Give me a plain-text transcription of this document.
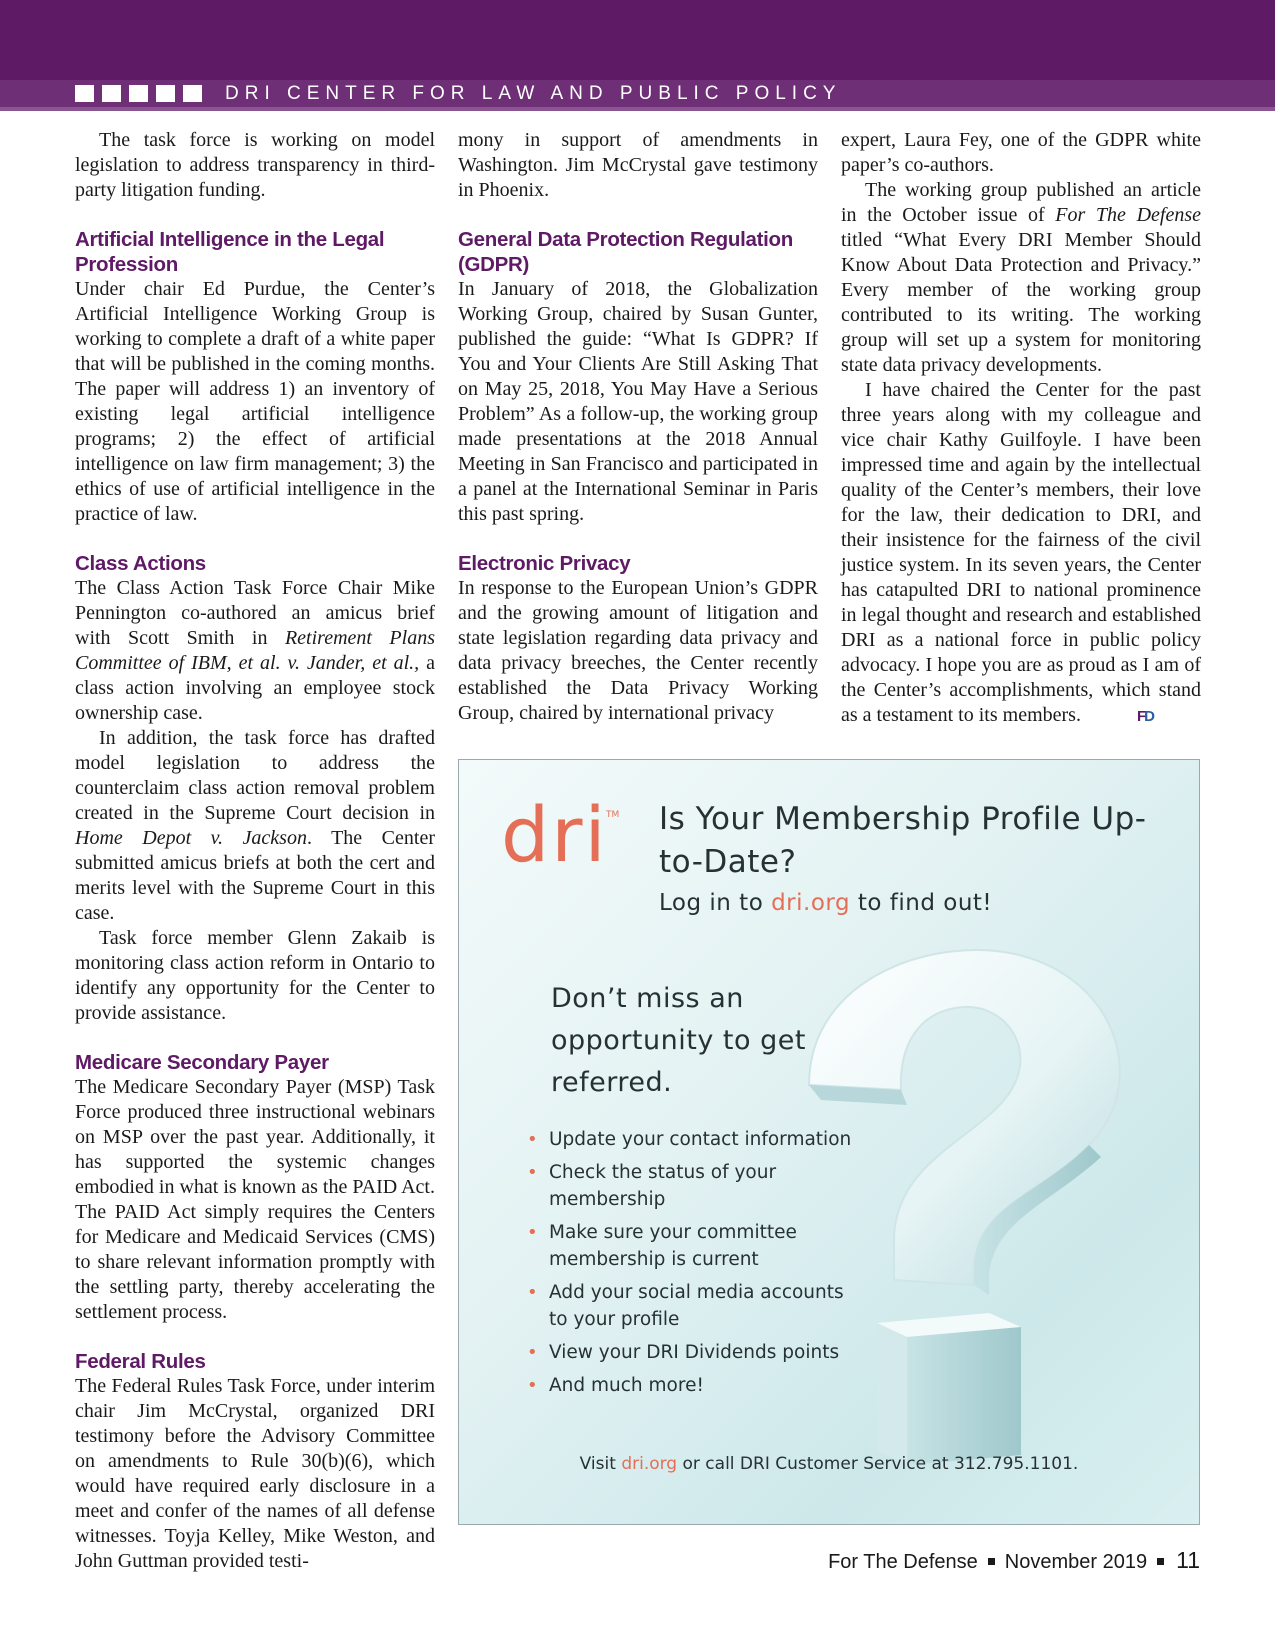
DRI CENTER FOR LAW AND PUBLIC POLICY

The task force is working on model legislation to address transparency in third-party litigation funding.

Artificial Intelligence in the Legal Profession

Under chair Ed Purdue, the Center’s Artificial Intelligence Working Group is working to complete a draft of a white paper that will be published in the coming months. The paper will address 1) an inventory of existing legal artificial intelligence programs; 2) the effect of artificial intelligence on law firm management; 3) the ethics of use of artificial intelligence in the practice of law.

Class Actions

The Class Action Task Force Chair Mike Pennington co-authored an amicus brief with Scott Smith in Retirement Plans Committee of IBM, et al. v. Jander, et al., a class action involving an employee stock ownership case.

In addition, the task force has drafted model legislation to address the counterclaim class action removal problem created in the Supreme Court decision in Home Depot v. Jackson. The Center submitted amicus briefs at both the cert and merits level with the Supreme Court in this case.

Task force member Glenn Zakaib is monitoring class action reform in Ontario to identify any opportunity for the Center to provide assistance.

Medicare Secondary Payer

The Medicare Secondary Payer (MSP) Task Force produced three instructional webinars on MSP over the past year. Additionally, it has supported the systemic changes embodied in what is known as the PAID Act. The PAID Act simply requires the Centers for Medicare and Medicaid Services (CMS) to share relevant information promptly with the settling party, thereby accelerating the settlement process.

Federal Rules

The Federal Rules Task Force, under interim chair Jim McCrystal, organized DRI testimony before the Advisory Committee on amendments to Rule 30(b)(6), which would have required early disclosure in a meet and confer of the names of all defense witnesses. Toyja Kelley, Mike Weston, and John Guttman provided testi-

mony in support of amendments in Washington. Jim McCrystal gave testimony in Phoenix.

General Data Protection Regulation (GDPR)

In January of 2018, the Globalization Working Group, chaired by Susan Gunter, published the guide: “What Is GDPR? If You and Your Clients Are Still Asking That on May 25, 2018, You May Have a Serious Problem” As a follow-up, the working group made presentations at the 2018 Annual Meeting in San Francisco and participated in a panel at the International Seminar in Paris this past spring.

Electronic Privacy

In response to the European Union’s GDPR and the growing amount of litigation and state legislation regarding data privacy and data privacy breeches, the Center recently established the Data Privacy Working Group, chaired by international privacy

expert, Laura Fey, one of the GDPR white paper’s co-authors.

The working group published an article in the October issue of For The Defense titled “What Every DRI Member Should Know About Data Protection and Privacy.” Every member of the working group contributed to its writing. The working group will set up a system for monitoring state data privacy developments.

I have chaired the Center for the past three years along with my colleague and vice chair Kathy Guilfoyle. I have been impressed time and again by the intellectual quality of the Center’s members, their love for the law, their dedication to DRI, and their insistence for the fairness of the civil justice system. In its seven years, the Center has catapulted DRI to national prominence in legal thought and research and established DRI as a national force in public policy advocacy. I hope you are as proud as I am of the Center’s accomplishments, which stand as a testament to its members.	FD

dri
TM Is Your Membership Profile Up-to-Date?
Log in to dri.org to find out!
Don’t miss an opportunity to get referred.
• Update your contact information
• Check the status of your membership
• Make sure your committee membership is current
• Add your social media accounts to your profile
• View your DRI Dividends points
• And much more!
Visit dri.org or call DRI Customer Service at 312.795.1101.
For The Defense November 2019 11
